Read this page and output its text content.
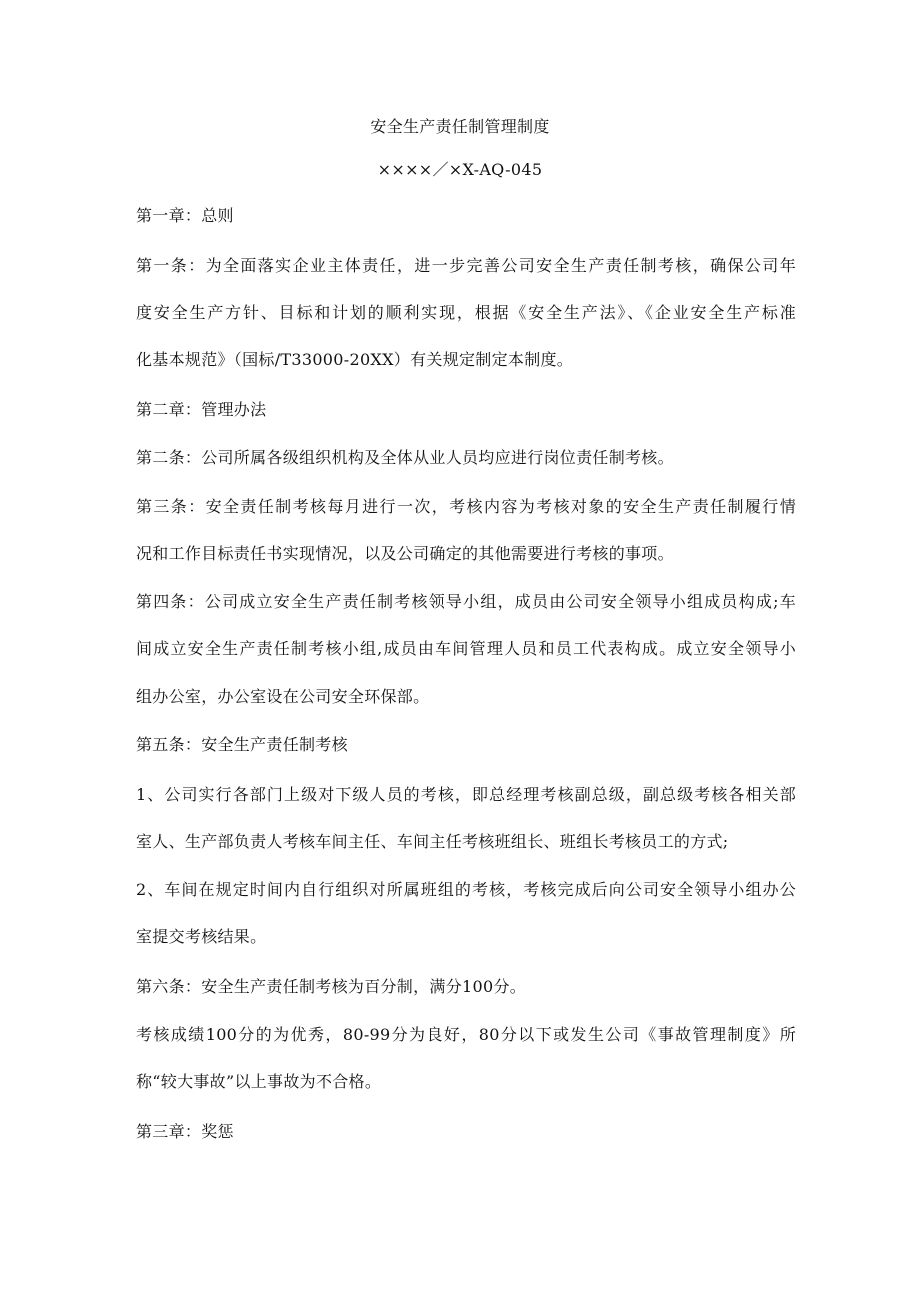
安全生产责任制管理制度
××××／×X-AQ-045
第一章：总则
第一条：为全面落实企业主体责任，进一步完善公司安全生产责任制考核，确保公司年
度安全生产方针、目标和计划的顺利实现，根据《安全生产法》、《企业安全生产标准
化基本规范》（国标/T33000-20XX）有关规定制定本制度。
第二章：管理办法
第二条：公司所属各级组织机构及全体从业人员均应进行岗位责任制考核。
第三条：安全责任制考核每月进行一次，考核内容为考核对象的安全生产责任制履行情
况和工作目标责任书实现情况，以及公司确定的其他需要进行考核的事项。
第四条：公司成立安全生产责任制考核领导小组，成员由公司安全领导小组成员构成;车
间成立安全生产责任制考核小组,成员由车间管理人员和员工代表构成。成立安全领导小
组办公室，办公室设在公司安全环保部。
第五条：安全生产责任制考核
1、公司实行各部门上级对下级人员的考核，即总经理考核副总级，副总级考核各相关部
室人、生产部负责人考核车间主任、车间主任考核班组长、班组长考核员工的方式;
2、车间在规定时间内自行组织对所属班组的考核，考核完成后向公司安全领导小组办公
室提交考核结果。
第六条：安全生产责任制考核为百分制，满分100分。
考核成绩100分的为优秀，80-99分为良好，80分以下或发生公司《事故管理制度》所
称“较大事故”以上事故为不合格。
第三章：奖惩
